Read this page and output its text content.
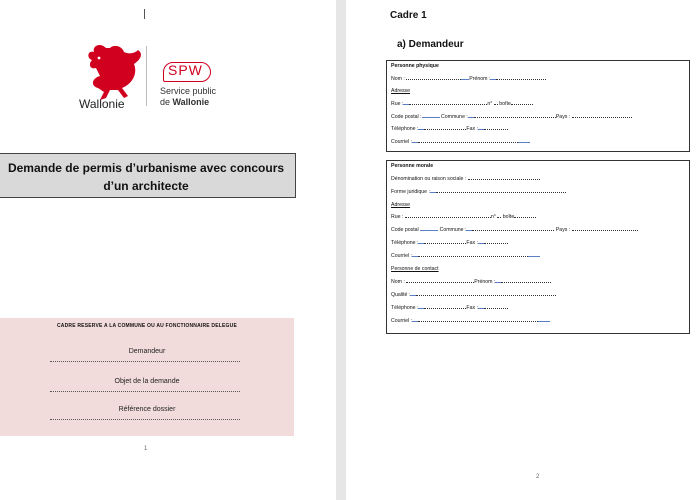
Wallonie
SPW
Service public
de Wallonie
Demande de permis d’urbanisme avec concours d’un architecte
CADRE RESERVE A LA COMMUNE OU AU FONCTIONNAIRE DELEGUE
Demandeur
Objet de la demande
Référence dossier
1
Cadre 1
a) Demandeur
Personne physique
Nom :	Prénom :
Adresse
Rue :	n°  boîte
Code postal :	Commune :	Pays :
Téléphone :	Fax :
Courriel :
Personne morale
Dénomination ou raison sociale :
Forme juridique :
Adresse
Rue :	n°  boîte
Code postal	Commune :	Pays :
Téléphone :	Fax :
Courriel :
Personne de contact
Nom :	Prénom :
Qualité :
Téléphone :	Fax :
Courriel :
2
